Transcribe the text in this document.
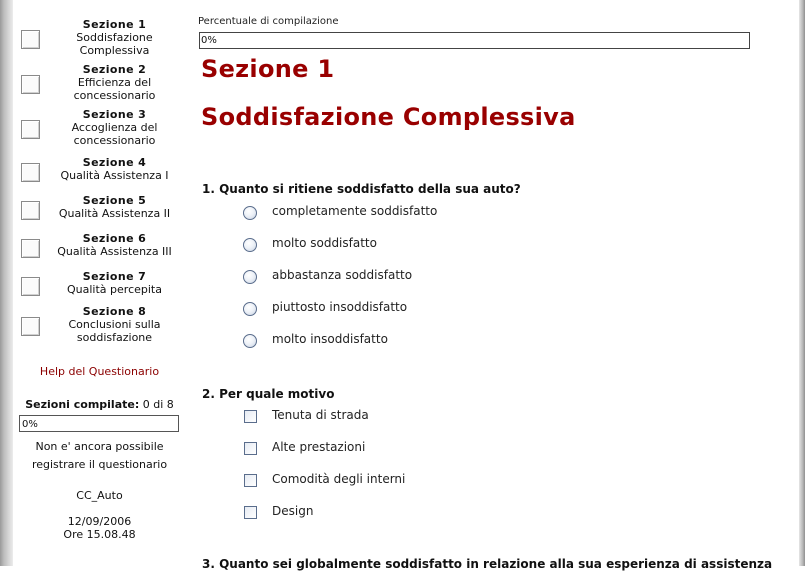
Sezione 1
Soddisfazione Complessiva
Sezione 2
Efficienza del concessionario
Sezione 3
Accoglienza del concessionario
Sezione 4
Qualità Assistenza I
Sezione 5
Qualità Assistenza II
Sezione 6
Qualità Assistenza III
Sezione 7
Qualità percepita
Sezione 8
Conclusioni sulla soddisfazione
Help del Questionario
Sezioni compilate: 0 di 8
0%
Non e' ancora possibile registrare il questionario
CC_Auto
12/09/2006
Ore 15.08.48
Percentuale di compilazione
0%
Sezione 1
Soddisfazione Complessiva
1. Quanto si ritiene soddisfatto della sua auto?
completamente soddisfatto
molto soddisfatto
abbastanza soddisfatto
piuttosto insoddisfatto
molto insoddisfatto
2. Per quale motivo
Tenuta di strada
Alte prestazioni
Comodità degli interni
Design
3. Quanto sei globalmente soddisfatto in relazione alla sua esperienza di assistenza
